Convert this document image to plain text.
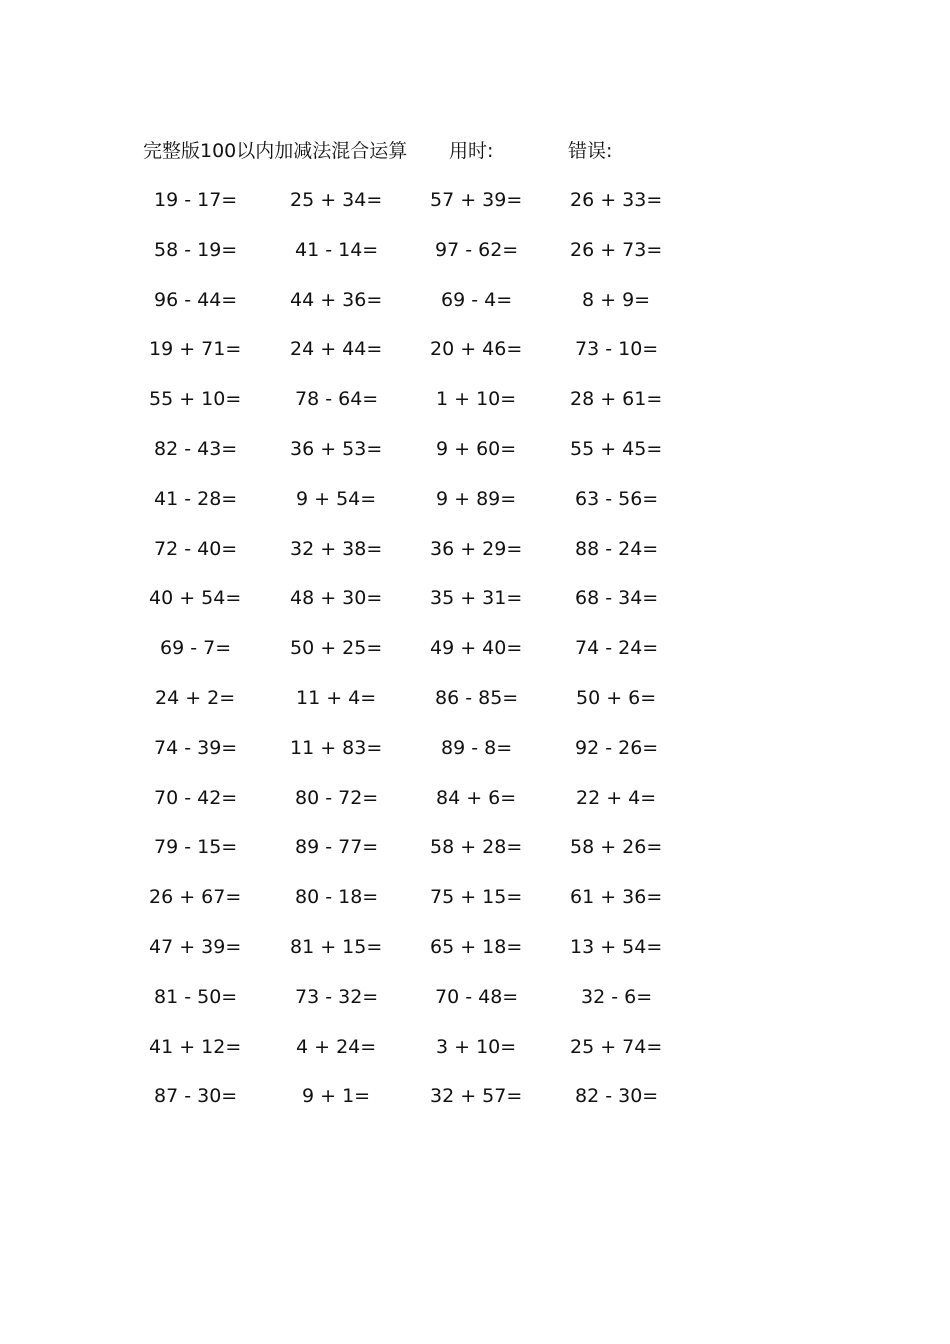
完整版100以内加减法混合运算 用时:	错误:
19 - 17=	25 + 34=	57 + 39=	26 + 33=
58 - 19=	41 - 14=	97 - 62=	26 + 73=
96 - 44=	44 + 36=	69 - 4=	8 + 9=
19 + 71=	24 + 44=	20 + 46=	73 - 10=
55 + 10=	78 - 64=	1 + 10=	28 + 61=
82 - 43=	36 + 53=	9 + 60=	55 + 45=
41 - 28=	9 + 54=	9 + 89=	63 - 56=
72 - 40=	32 + 38=	36 + 29=	88 - 24=
40 + 54=	48 + 30=	35 + 31=	68 - 34=
69 - 7=	50 + 25=	49 + 40=	74 - 24=
24 + 2=	11 + 4=	86 - 85=	50 + 6=
74 - 39=	11 + 83=	89 - 8=	92 - 26=
70 - 42=	80 - 72=	84 + 6=	22 + 4=
79 - 15=	89 - 77=	58 + 28=	58 + 26=
26 + 67=	80 - 18=	75 + 15=	61 + 36=
47 + 39=	81 + 15=	65 + 18=	13 + 54=
81 - 50=	73 - 32=	70 - 48=	32 - 6=
41 + 12=	4 + 24=	3 + 10=	25 + 74=
87 - 30=	9 + 1=	32 + 57=	82 - 30=
